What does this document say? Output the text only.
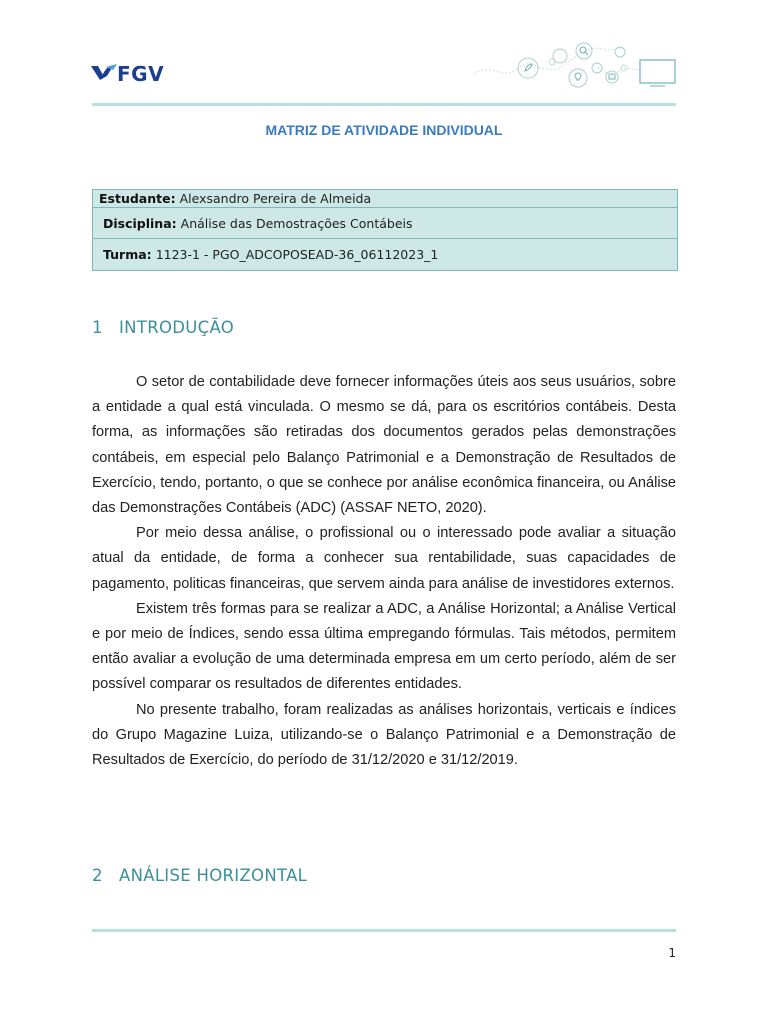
FGV
MATRIZ DE ATIVIDADE INDIVIDUAL
Estudante: Alexsandro Pereira de Almeida
Disciplina: Análise das Demostrações Contábeis
Turma: 1123-1 - PGO_ADCOPOSEAD-36_06112023_1
1 INTRODUÇÃO

O setor de contabilidade deve fornecer informações úteis aos seus usuários, sobre a entidade a qual está vinculada. O mesmo se dá, para os escritórios contábeis. Desta forma, as informações são retiradas dos documentos gerados pelas demonstrações contábeis, em especial pelo Balanço Patrimonial e a Demonstração de Resultados de Exercício, tendo, portanto, o que se conhece por análise econômica financeira, ou Análise das Demonstrações Contábeis (ADC) (ASSAF NETO, 2020).

Por meio dessa análise, o profissional ou o interessado pode avaliar a situação atual da entidade, de forma a conhecer sua rentabilidade, suas capacidades de pagamento, politicas financeiras, que servem ainda para análise de investidores externos.

Existem três formas para se realizar a ADC, a Análise Horizontal; a Análise Vertical e por meio de Índices, sendo essa última empregando fórmulas. Tais métodos, permitem então avaliar a evolução de uma determinada empresa em um certo período, além de ser possível comparar os resultados de diferentes entidades.

No presente trabalho, foram realizadas as análises horizontais, verticais e índices do Grupo Magazine Luiza, utilizando-se o Balanço Patrimonial e a Demonstração de Resultados de Exercício, do período de 31/12/2020 e 31/12/2019.

2 ANÁLISE HORIZONTAL
1
